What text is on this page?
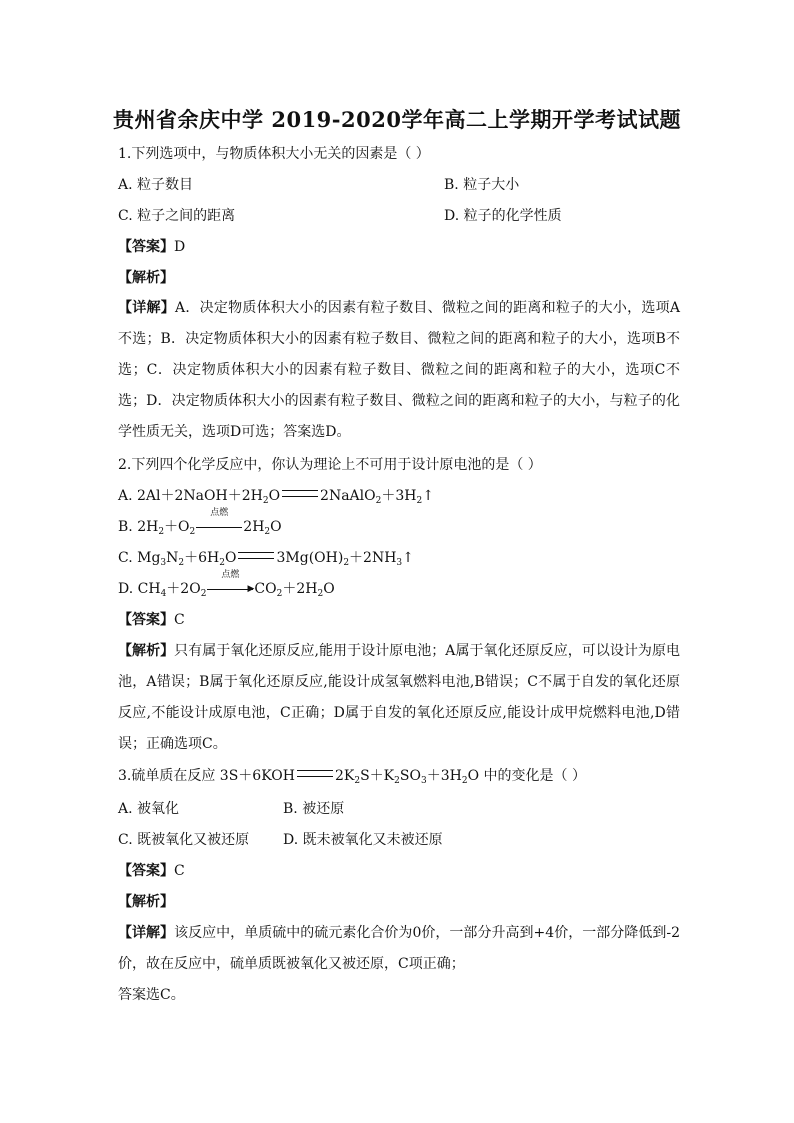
贵州省余庆中学 2019-2020学年高二上学期开学考试试题
1.下列选项中，与物质体积大小无关的因素是（ ）
A. 粒子数目	B. 粒子大小
C. 粒子之间的距离	D. 粒子的化学性质
【答案】D
【解析】
【详解】A．决定物质体积大小的因素有粒子数目、微粒之间的距离和粒子的大小，选项A不选；B．决定物质体积大小的因素有粒子数目、微粒之间的距离和粒子的大小，选项B不选；C．决定物质体积大小的因素有粒子数目、微粒之间的距离和粒子的大小，选项C不选；D．决定物质体积大小的因素有粒子数目、微粒之间的距离和粒子的大小，与粒子的化学性质无关，选项D可选；答案选D。
2.下列四个化学反应中，你认为理论上不可用于设计原电池的是（ ）
A. $2Al+2NaOH+2H_2O$	$2NaAlO_2+3H_2↑$
B. $2H_2+O_2$
点燃
$2H_2O$
C. $Mg_3N_2+6H_2O$	$3Mg(OH)_2+2NH_3↑$
D. $CH_4+2O_2$
点燃
▶ $CO_2+2H_2O$
【答案】C
【解析】只有属于氧化还原反应,能用于设计原电池；A属于氧化还原反应，可以设计为原电池，A错误；B属于氧化还原反应,能设计成氢氧燃料电池,B错误；C不属于自发的氧化还原反应,不能设计成原电池，C正确；D属于自发的氧化还原反应,能设计成甲烷燃料电池,D错误；正确选项C。
3.硫单质在反应 3S＋6KOH	$2K_2S+K_2SO_3+3H_2O$ 中的变化是（ ）
A. 被氧化	B. 被还原
C. 既被氧化又被还原 D. 既未被氧化又未被还原
【答案】C
【解析】
【详解】该反应中，单质硫中的硫元素化合价为0价，一部分升高到+4价，一部分降低到-2价，故在反应中，硫单质既被氧化又被还原，C项正确；
答案选C。
